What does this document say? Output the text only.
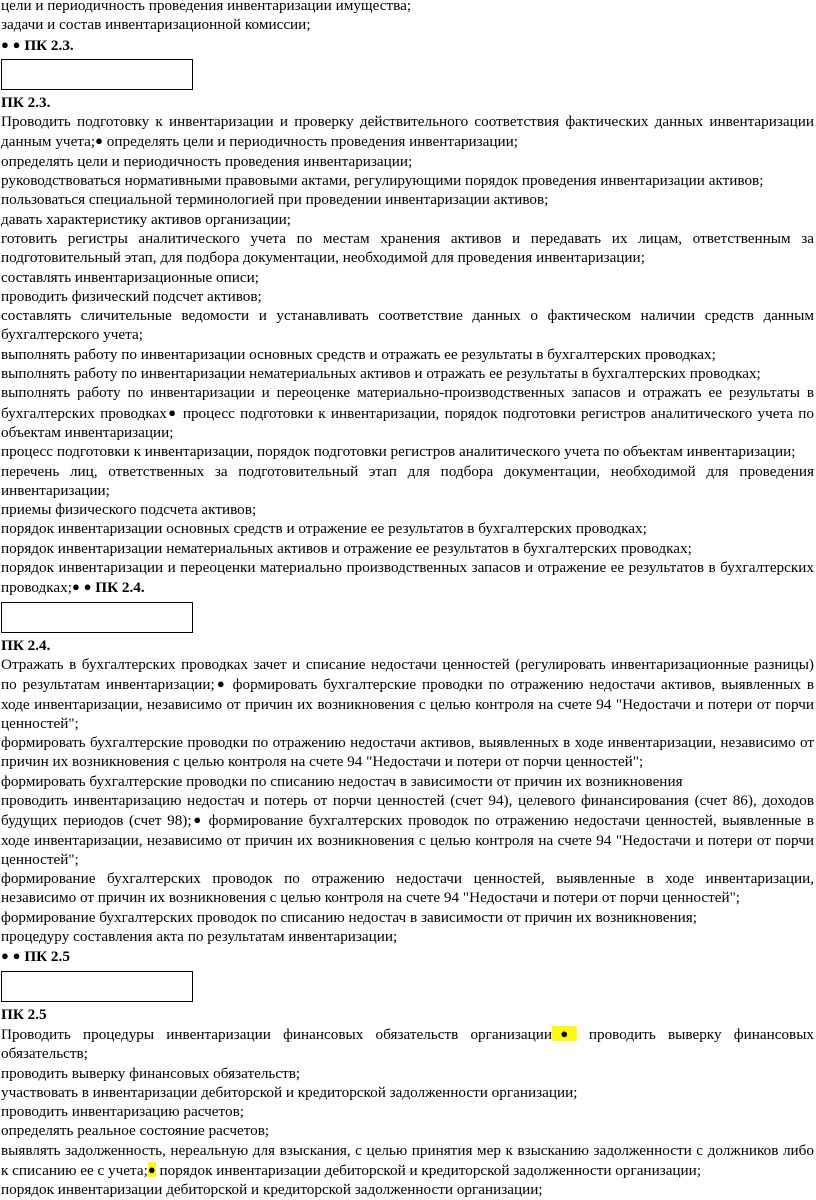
цели и периодичность проведения инвентаризации имущества;

задачи и состав инвентаризационной комиссии;

● ● ПК 2.3.

ПК 2.3.

Проводить подготовку к инвентаризации и проверку действительного соответствия фактических данных инвентаризации данным учета;● определять цели и периодичность проведения инвентаризации;

определять цели и периодичность проведения инвентаризации;

руководствоваться нормативными правовыми актами, регулирующими порядок проведения инвентаризации активов;

пользоваться специальной терминологией при проведении инвентаризации активов;

давать характеристику активов организации;

готовить регистры аналитического учета по местам хранения активов и передавать их лицам, ответственным за подготовительный этап, для подбора документации, необходимой для проведения инвентаризации;

составлять инвентаризационные описи;

проводить физический подсчет активов;

составлять сличительные ведомости и устанавливать соответствие данных о фактическом наличии средств данным бухгалтерского учета;

выполнять работу по инвентаризации основных средств и отражать ее результаты в бухгалтерских проводках;

выполнять работу по инвентаризации нематериальных активов и отражать ее результаты в бухгалтерских проводках;

выполнять работу по инвентаризации и переоценке материально-производственных запасов и отражать ее результаты в бухгалтерских проводках● процесс подготовки к инвентаризации, порядок подготовки регистров аналитического учета по объектам инвентаризации;

процесс подготовки к инвентаризации, порядок подготовки регистров аналитического учета по объектам инвентаризации;

перечень лиц, ответственных за подготовительный этап для подбора документации, необходимой для проведения инвентаризации;

приемы физического подсчета активов;

порядок инвентаризации основных средств и отражение ее результатов в бухгалтерских проводках;

порядок инвентаризации нематериальных активов и отражение ее результатов в бухгалтерских проводках;

порядок инвентаризации и переоценки материально производственных запасов и отражение ее результатов в бухгалтерских проводках;● ● ПК 2.4.

ПК 2.4.

Отражать в бухгалтерских проводках зачет и списание недостачи ценностей (регулировать инвентаризационные разницы) по результатам инвентаризации;● формировать бухгалтерские проводки по отражению недостачи активов, выявленных в ходе инвентаризации, независимо от причин их возникновения с целью контроля на счете 94 "Недостачи и потери от порчи ценностей";

формировать бухгалтерские проводки по отражению недостачи активов, выявленных в ходе инвентаризации, независимо от причин их возникновения с целью контроля на счете 94 "Недостачи и потери от порчи ценностей";

формировать бухгалтерские проводки по списанию недостач в зависимости от причин их возникновения

проводить инвентаризацию недостач и потерь от порчи ценностей (счет 94), целевого финансирования (счет 86), доходов будущих периодов (счет 98);● формирование бухгалтерских проводок по отражению недостачи ценностей, выявленные в ходе инвентаризации, независимо от причин их возникновения с целью контроля на счете 94 "Недостачи и потери от порчи ценностей";

формирование бухгалтерских проводок по отражению недостачи ценностей, выявленные в ходе инвентаризации, независимо от причин их возникновения с целью контроля на счете 94 "Недостачи и потери от порчи ценностей";

формирование бухгалтерских проводок по списанию недостач в зависимости от причин их возникновения;

процедуру составления акта по результатам инвентаризации;

● ● ПК 2.5

ПК 2.5

Проводить процедуры инвентаризации финансовых обязательств организации● проводить выверку финансовых обязательств;

проводить выверку финансовых обязательств;

участвовать в инвентаризации дебиторской и кредиторской задолженности организации;

проводить инвентаризацию расчетов;

определять реальное состояние расчетов;

выявлять задолженность, нереальную для взыскания, с целью принятия мер к взысканию задолженности с должников либо к списанию ее с учета;● порядок инвентаризации дебиторской и кредиторской задолженности организации;

порядок инвентаризации дебиторской и кредиторской задолженности организации;
